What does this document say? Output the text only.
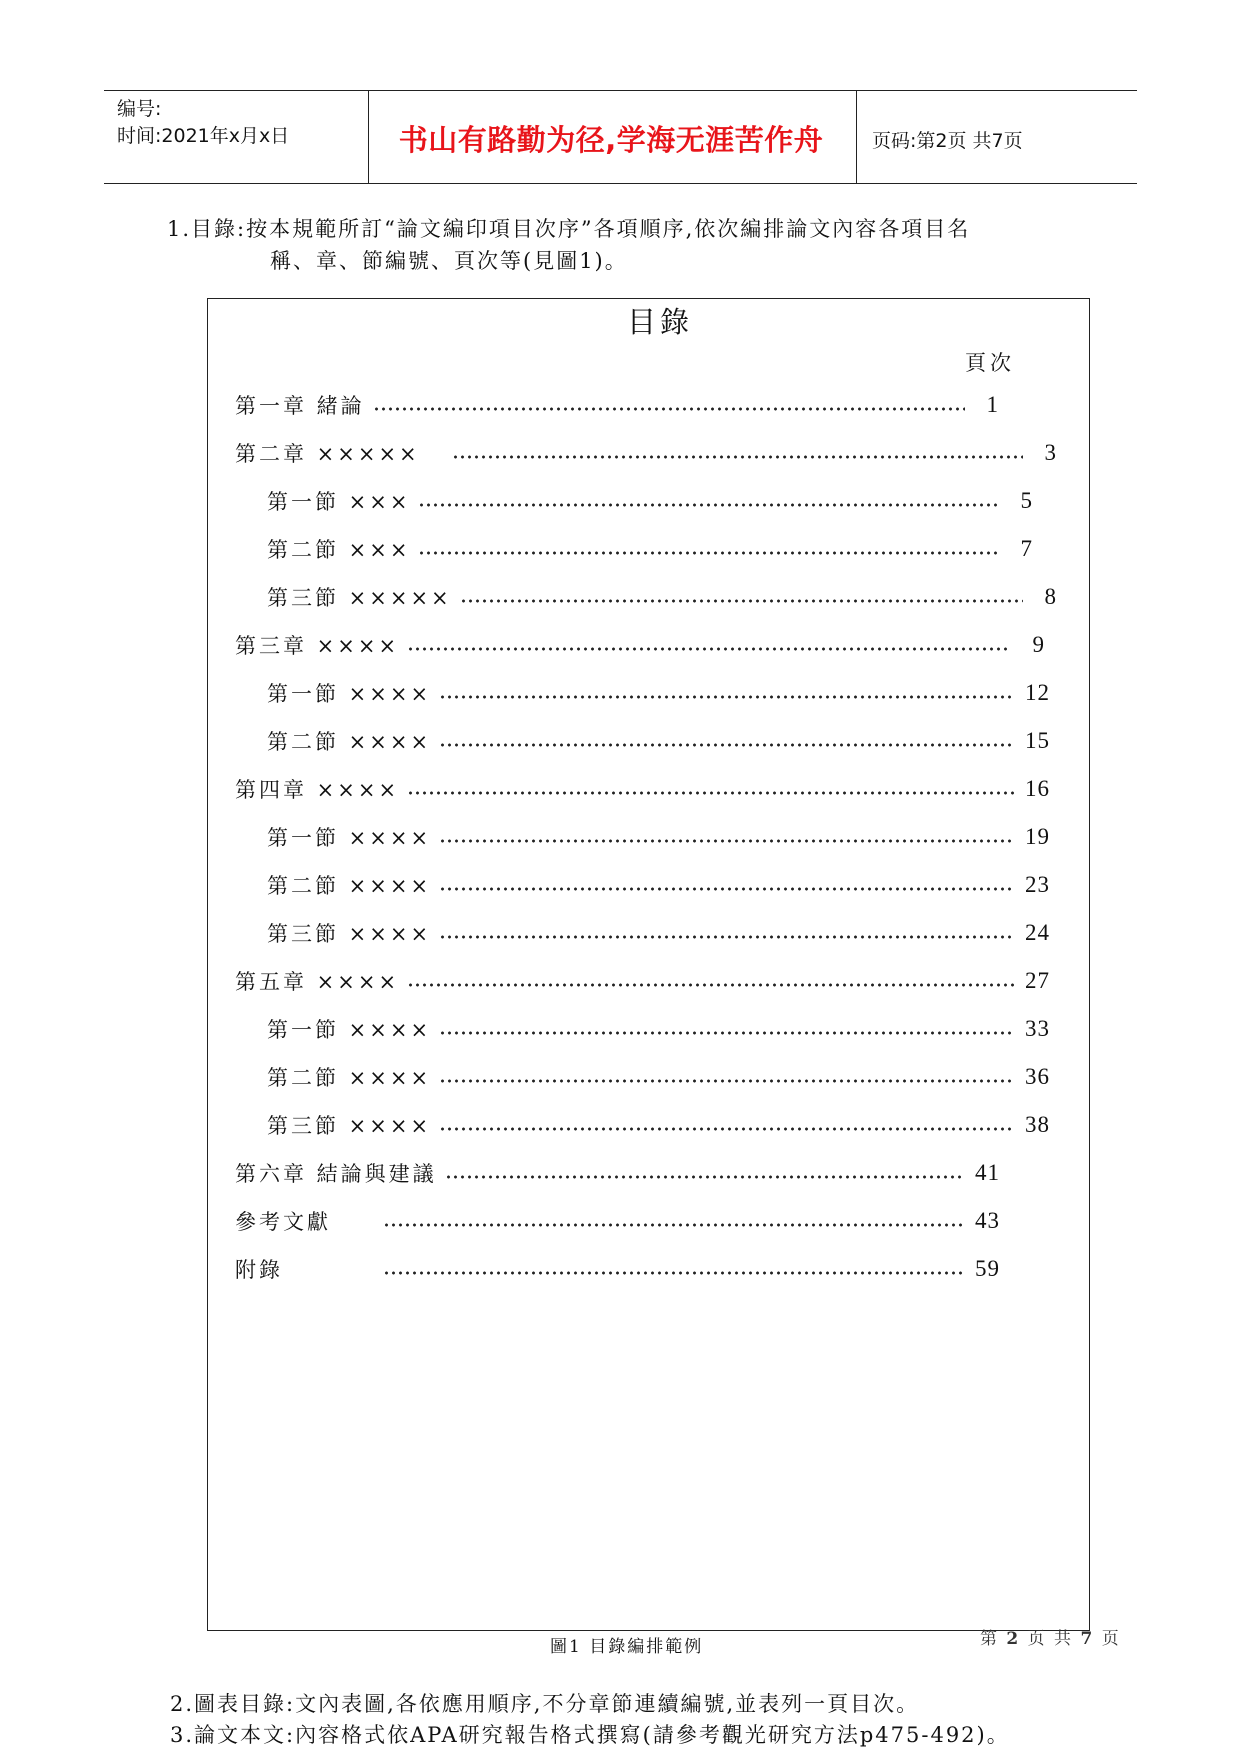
编号:
时间:2021年x月x日	书山有路勤为径,学海无涯苦作舟	页码:第2页 共7页
1.目錄:按本規範所訂“論文編印項目次序”各項順序,依次編排論文內容各項目名
稱、章、節編號、頁次等(見圖1)。
目錄
頁次
第一章 緒論	1
第二章 ×××××	3
第一節 ×××	5
第二節 ×××	7
第三節 ×××××	8
第三章 ××××	9
第一節 ××××	12
第二節 ××××	15
第四章 ××××	16
第一節 ××××	19
第二節 ××××	23
第三節 ××××	24
第五章 ××××	27
第一節 ××××	33
第二節 ××××	36
第三節 ××××	38
第六章 結論與建議	41
參考文獻	43
附錄	59
圖1 目錄編排範例	第 2 页 共 7 页
2.圖表目錄:文內表圖,各依應用順序,不分章節連續編號,並表列一頁目次。
3.論文本文:內容格式依APA研究報告格式撰寫(請參考觀光研究方法p475-492)。
